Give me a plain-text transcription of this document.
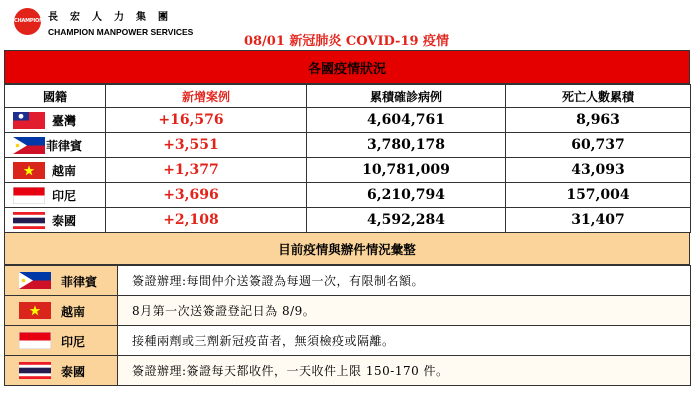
CHAMPION 長宏人力集團
CHAMPION MANPOWER SERVICES
08/01 新冠肺炎 COVID-19 疫情
各國疫情狀況
國籍	新增案例	累積確診病例	死亡人數累積

臺灣	+16,576	4,604,761	8,963

菲律賓	+3,551	3,780,178	60,737

越南	+1,377	10,781,009	43,093

印尼	+3,696	6,210,794	157,004

泰國	+2,108	4,592,284	31,407
目前疫情與辦件情況彙整
菲律賓	簽證辦理:每間仲介送簽證為每週一次，有限制名額。

越南	8月第一次送簽證登記日為 8/9。

印尼	接種兩劑或三劑新冠疫苗者，無須檢疫或隔離。

泰國	簽證辦理:簽證每天都收件，一天收件上限 150-170 件。
